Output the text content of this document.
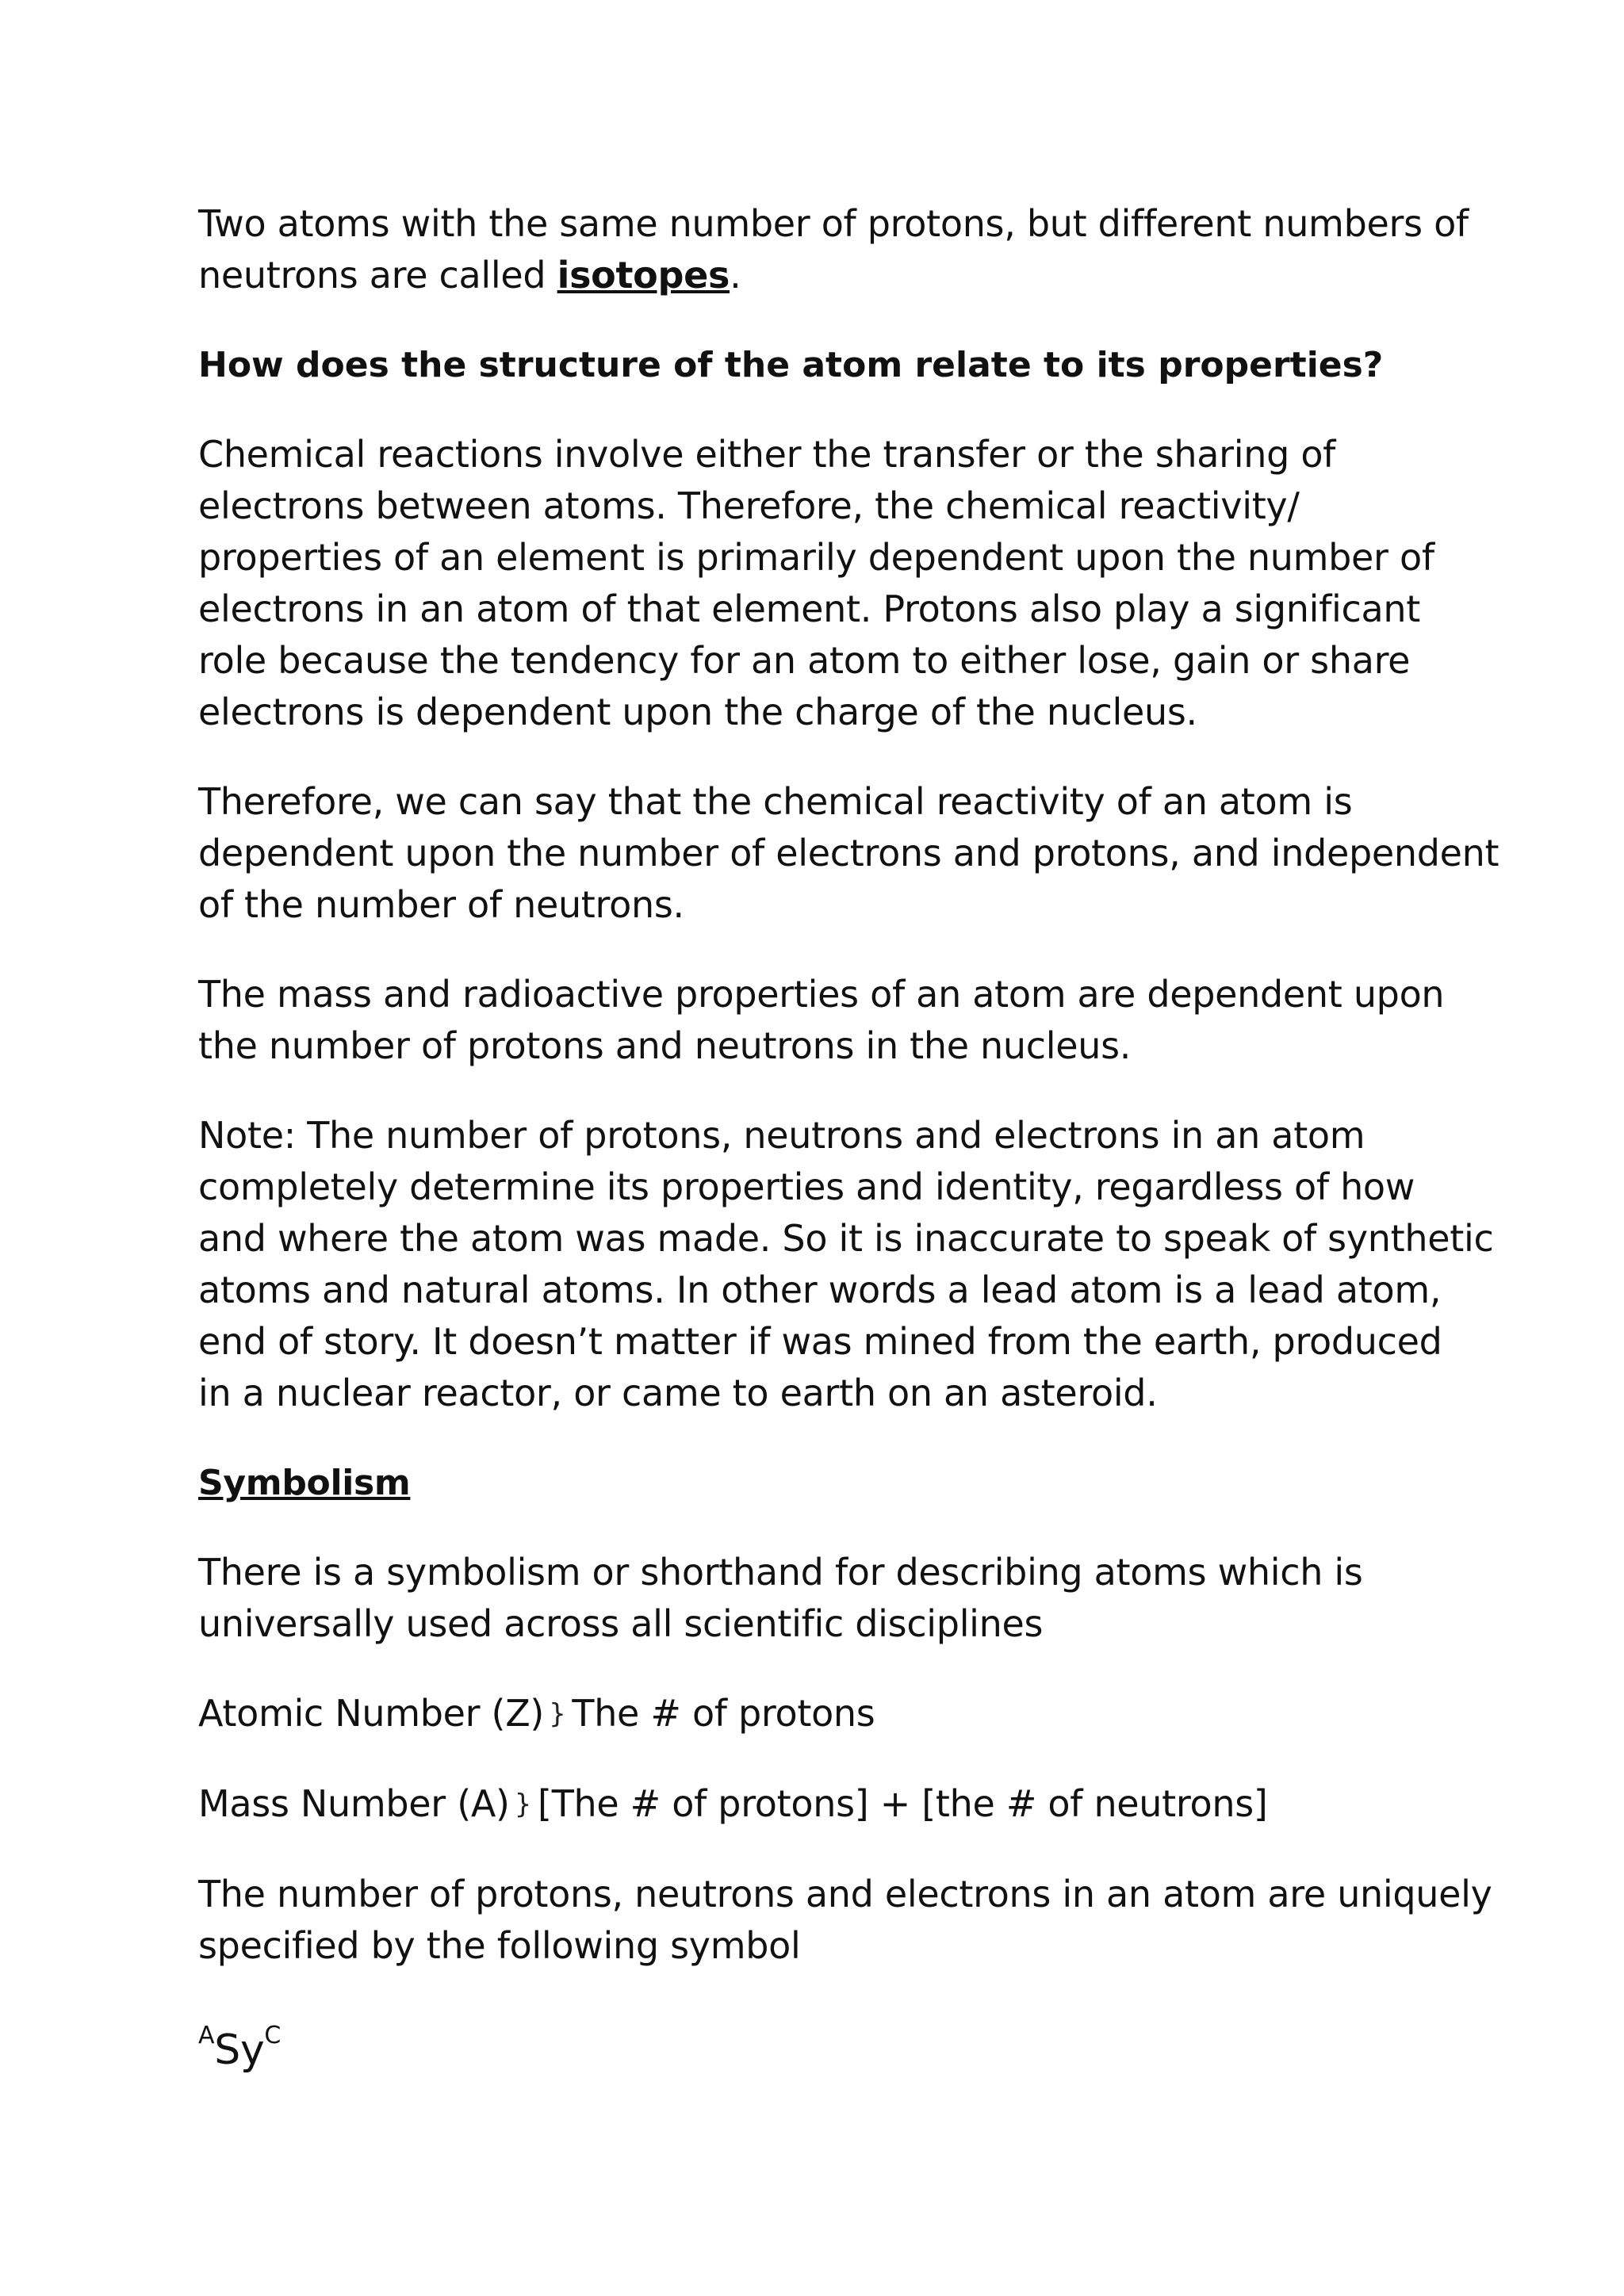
Two atoms with the same number of protons, but different numbers of
neutrons are called isotopes.

How does the structure of the atom relate to its properties?

Chemical reactions involve either the transfer or the sharing of
electrons between atoms. Therefore, the chemical reactivity/
properties of an element is primarily dependent upon the number of
electrons in an atom of that element. Protons also play a significant
role because the tendency for an atom to either lose, gain or share
electrons is dependent upon the charge of the nucleus.

Therefore, we can say that the chemical reactivity of an atom is
dependent upon the number of electrons and protons, and independent
of the number of neutrons.

The mass and radioactive properties of an atom are dependent upon
the number of protons and neutrons in the nucleus.

Note: The number of protons, neutrons and electrons in an atom
completely determine its properties and identity, regardless of how
and where the atom was made. So it is inaccurate to speak of synthetic
atoms and natural atoms. In other words a lead atom is a lead atom,
end of story. It doesn’t matter if was mined from the earth, produced
in a nuclear reactor, or came to earth on an asteroid.

Symbolism

There is a symbolism or shorthand for describing atoms which is
universally used across all scientific disciplines

Atomic Number (Z) } The # of protons

Mass Number (A) } [The # of protons] + [the # of neutrons]

The number of protons, neutrons and electrons in an atom are uniquely
specified by the following symbol

$^ASy^C$
